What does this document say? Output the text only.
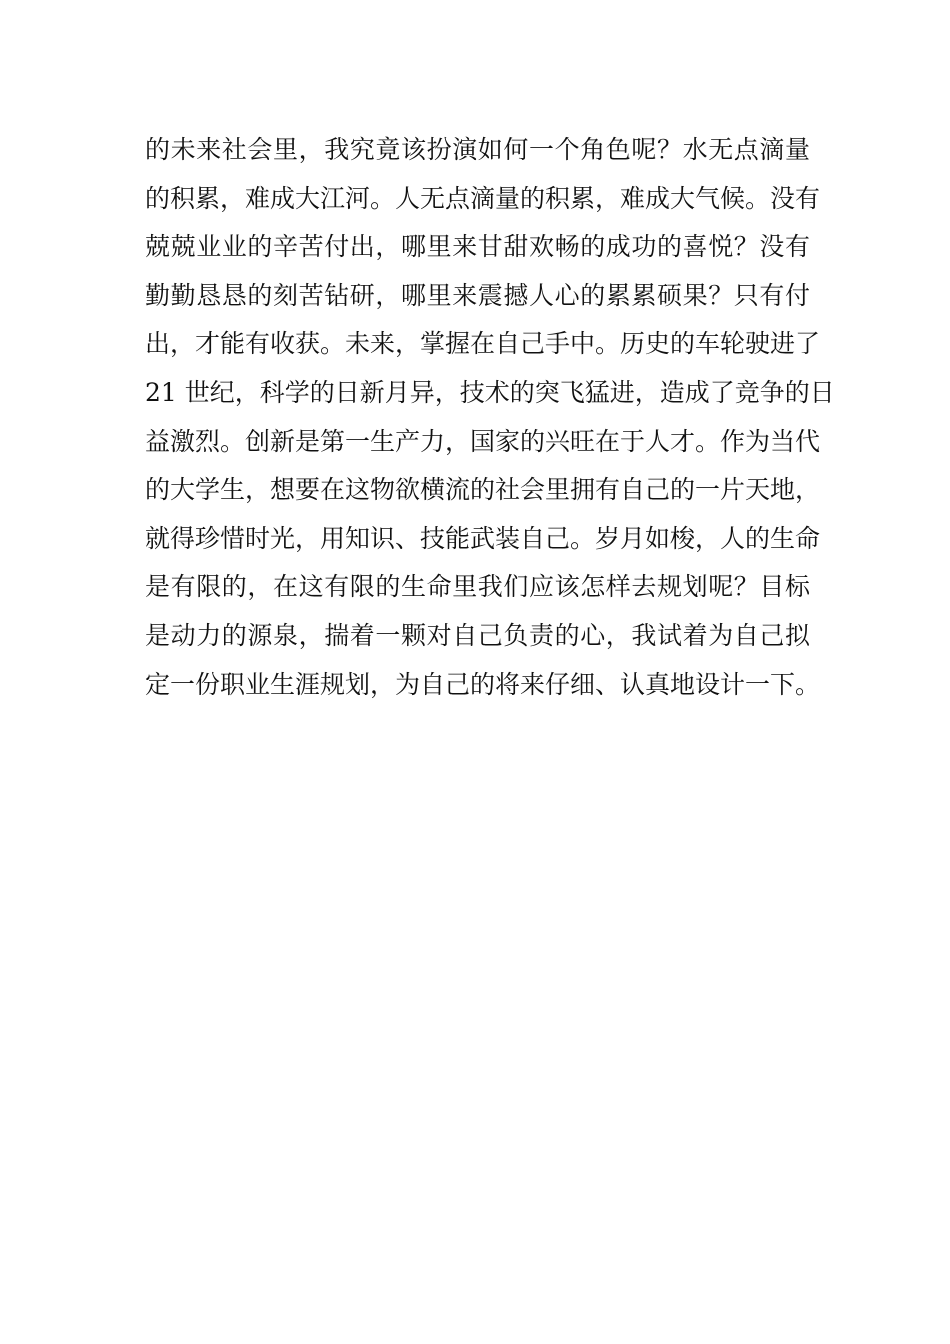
的未来社会里，我究竟该扮演如何一个角色呢？水无点滴量
的积累，难成大江河。人无点滴量的积累，难成大气候。没有
兢兢业业的辛苦付出，哪里来甘甜欢畅的成功的喜悦？没有
勤勤恳恳的刻苦钻研，哪里来震撼人心的累累硕果？只有付
出，才能有收获。未来，掌握在自己手中。历史的车轮驶进了
21 世纪，科学的日新月异，技术的突飞猛进，造成了竞争的日
益激烈。创新是第一生产力，国家的兴旺在于人才。作为当代
的大学生，想要在这物欲横流的社会里拥有自己的一片天地，
就得珍惜时光，用知识、技能武装自己。岁月如梭，人的生命
是有限的，在这有限的生命里我们应该怎样去规划呢？目标
是动力的源泉，揣着一颗对自己负责的心，我试着为自己拟
定一份职业生涯规划，为自己的将来仔细、认真地设计一下。
